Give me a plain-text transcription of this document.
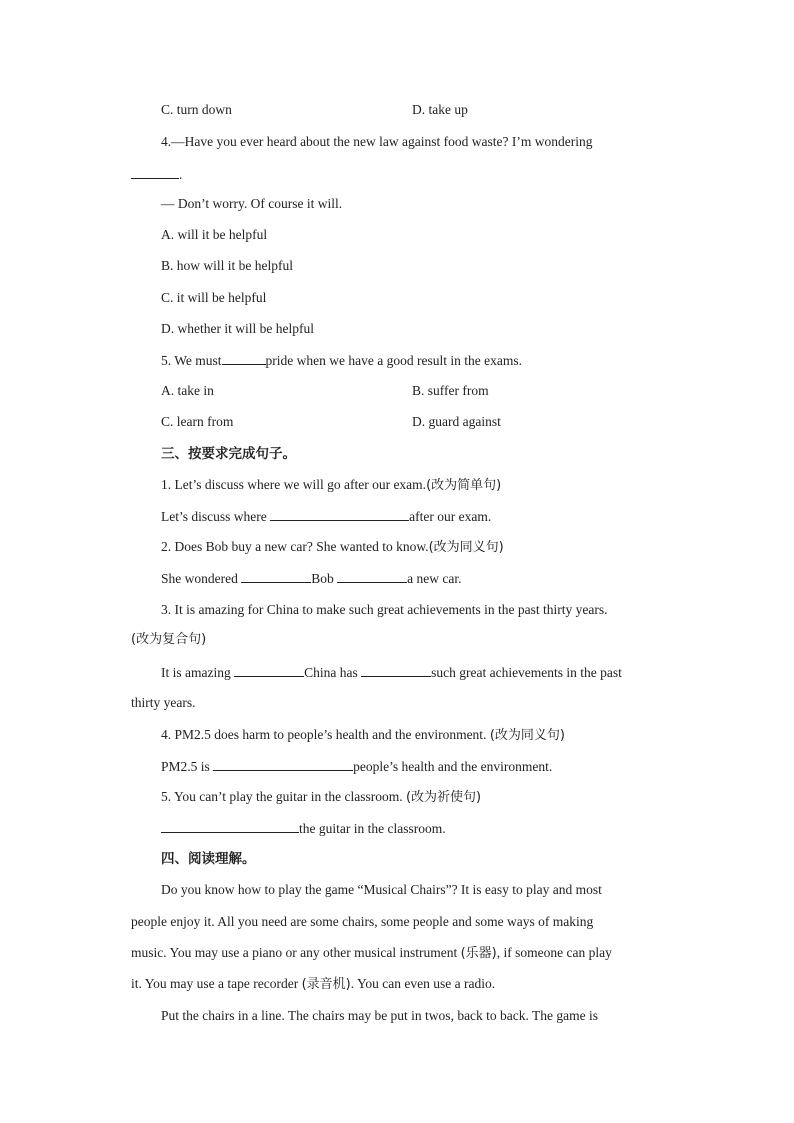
C. turn down	D. take up
4.—Have you ever heard about the new law against food waste? I’m wondering
.
— Don’t worry. Of course it will.
A. will it be helpful
B. how will it be helpful
C. it will be helpful
D. whether it will be helpful
5. We must	pride when we have a good result in the exams.
A. take in	B. suffer from
C. learn from	D. guard against
三、按要求完成句子。
1. Let’s discuss where we will go after our exam.(改为简单句)
Let’s discuss where	after our exam.
2. Does Bob buy a new car? She wanted to know.(改为同义句)
She wondered	Bob	a new car.
3. It is amazing for China to make such great achievements in the past thirty years.
(改为复合句)
It is amazing	China has	such great achievements in the past
thirty years.
4. PM2.5 does harm to people’s health and the environment. (改为同义句)
PM2.5 is	people’s health and the environment.
5. You can’t play the guitar in the classroom. (改为祈使句)
the guitar in the classroom.
四、阅读理解。
Do you know how to play the game “Musical Chairs”? It is easy to play and most
people enjoy it. All you need are some chairs, some people and some ways of making
music. You may use a piano or any other musical instrument (乐器), if someone can play
it. You may use a tape recorder (录音机). You can even use a radio.
Put the chairs in a line. The chairs may be put in twos, back to back. The game is
